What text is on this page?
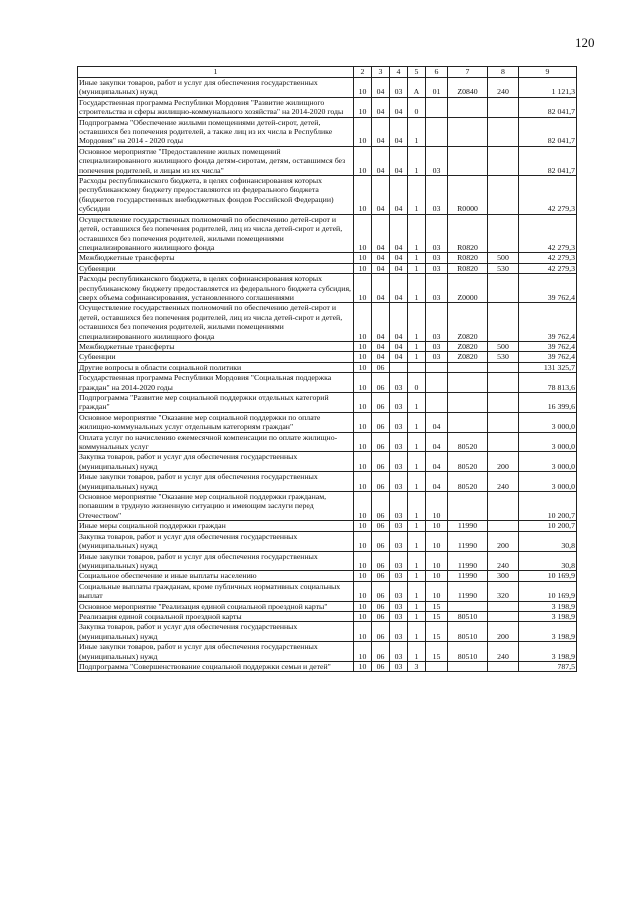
120
1	2	3	4	5	6	7	8	9
Иные закупки товаров, работ и услуг для обеспечения государственных (муниципальных) нужд	10	04	03	А	01	Z0840	240	1 121,3
Государственная программа Республики Мордовия "Развитие жилищного строительства и сферы жилищно-коммунального хозяйства" на 2014-2020 годы	10	04	04	0				82 041,7
Подпрограмма "Обеспечение жилыми помещениями детей-сирот, детей, оставшихся без попечения родителей, а также лиц из их числа в Республике Мордовия" на 2014 - 2020 годы	10	04	04	1				82 041,7
Основное мероприятие "Предоставление жилых помещений специализированного жилищного фонда детям-сиротам, детям, оставшимся без попечения родителей, и лицам из их числа"	10	04	04	1	03			82 041,7
Расходы республиканского бюджета, в целях софинансирования которых республиканскому бюджету предоставляются из федерального бюджета (бюджетов государственных внебюджетных фондов Российской Федерации) субсидии	10	04	04	1	03	R0000		42 279,3
Осуществление государственных полномочий по обеспечению детей-сирот и детей, оставшихся без попечения родителей, лиц из числа детей-сирот и детей, оставшихся без попечения родителей, жилыми помещениями специализированного жилищного фонда	10	04	04	1	03	R0820		42 279,3
Межбюджетные трансферты	10	04	04	1	03	R0820	500	42 279,3
Субвенции	10	04	04	1	03	R0820	530	42 279,3
Расходы республиканского бюджета, в целях софинансирования которых республиканскому бюджету предоставляется из федерального бюджета субсидия, сверх объема софинансирования, установленного соглашениями	10	04	04	1	03	Z0000		39 762,4
Осуществление государственных полномочий по обеспечению детей-сирот и детей, оставшихся без попечения родителей, лиц из числа детей-сирот и детей, оставшихся без попечения родителей, жилыми помещениями специализированного жилищного фонда	10	04	04	1	03	Z0820		39 762,4
Межбюджетные трансферты	10	04	04	1	03	Z0820	500	39 762,4
Субвенции	10	04	04	1	03	Z0820	530	39 762,4
Другие вопросы в области социальной политики	10	06						131 325,7
Государственная программа Республики Мордовия "Социальная поддержка граждан" на 2014-2020 годы	10	06	03	0				78 813,6
Подпрограмма "Развитие мер социальной поддержки отдельных категорий граждан"	10	06	03	1				16 399,6
Основное мероприятие "Оказание мер социальной поддержки по оплате жилищно-коммунальных услуг отдельным категориям граждан"	10	06	03	1	04			3 000,0
Оплата услуг по начислению ежемесячной компенсации по оплате жилищно-коммунальных услуг	10	06	03	1	04	80520		3 000,0
Закупка товаров, работ и услуг для обеспечения государственных (муниципальных) нужд	10	06	03	1	04	80520	200	3 000,0
Иные закупки товаров, работ и услуг для обеспечения государственных (муниципальных) нужд	10	06	03	1	04	80520	240	3 000,0
Основное мероприятие "Оказание мер социальной поддержки гражданам, попавшим в трудную жизненную ситуацию и имеющим заслуги перед Отечеством"	10	06	03	1	10			10 200,7
Иные меры социальной поддержки граждан	10	06	03	1	10	11990		10 200,7
Закупка товаров, работ и услуг для обеспечения государственных (муниципальных) нужд	10	06	03	1	10	11990	200	30,8
Иные закупки товаров, работ и услуг для обеспечения государственных (муниципальных) нужд	10	06	03	1	10	11990	240	30,8
Социальное обеспечение и иные выплаты населению	10	06	03	1	10	11990	300	10 169,9
Социальные выплаты гражданам, кроме публичных нормативных социальных выплат	10	06	03	1	10	11990	320	10 169,9
Основное мероприятие "Реализация единой социальной проездной карты"	10	06	03	1	15			3 198,9
Реализация единой социальной проездной карты	10	06	03	1	15	80510		3 198,9
Закупка товаров, работ и услуг для обеспечения государственных (муниципальных) нужд	10	06	03	1	15	80510	200	3 198,9
Иные закупки товаров, работ и услуг для обеспечения государственных (муниципальных) нужд	10	06	03	1	15	80510	240	3 198,9
Подпрограмма "Совершенствование социальной поддержки семьи и детей"	10	06	03	3				787,5
